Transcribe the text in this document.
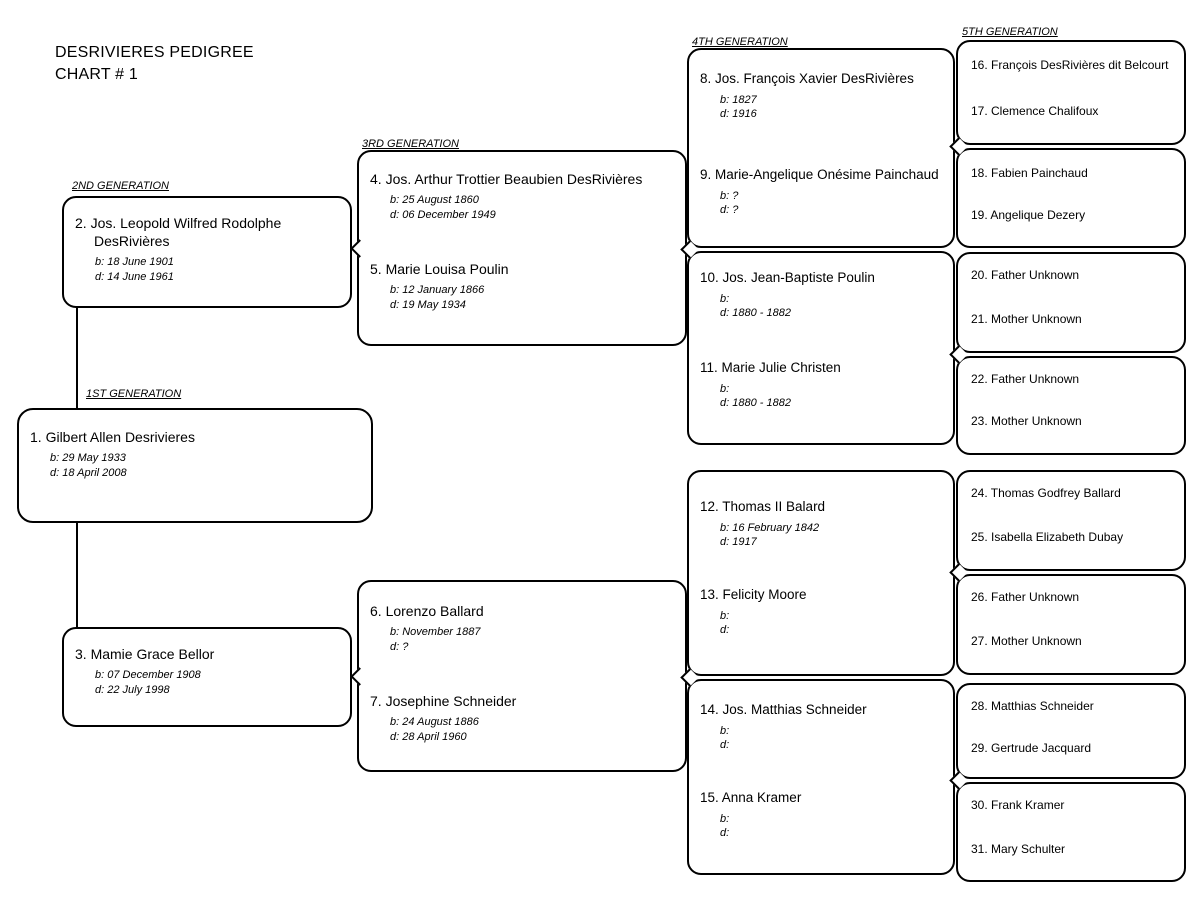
DESRIVIERES PEDIGREE
CHART # 1
1ST GENERATION
2ND GENERATION
3RD GENERATION
4TH GENERATION
5TH GENERATION
1. Gilbert Allen Desrivieres
b: 29 May 1933
d: 18 April 2008
2. Jos. Leopold Wilfred Rodolphe DesRivières
b: 18 June 1901
d: 14 June 1961
3. Mamie Grace Bellor
b: 07 December 1908
d: 22 July 1998
4. Jos. Arthur Trottier Beaubien DesRivières
b: 25 August 1860
d: 06 December 1949
5. Marie Louisa Poulin
b: 12 January 1866
d: 19 May 1934
6. Lorenzo Ballard
b: November 1887
d: ?
7. Josephine Schneider
b: 24 August 1886
d: 28 April 1960
8. Jos. François Xavier DesRivières
b: 1827
d: 1916
9. Marie-Angelique Onésime Painchaud
b: ?
d: ?
10. Jos. Jean-Baptiste Poulin
b:
d: 1880 - 1882
11. Marie Julie Christen
b:
d: 1880 - 1882
12. Thomas II Balard
b: 16 February 1842
d: 1917
13. Felicity Moore
b:
d:
14. Jos. Matthias Schneider
b:
d:
15. Anna Kramer
b:
d:
16. François DesRivières dit Belcourt
17. Clemence Chalifoux
18. Fabien Painchaud
19. Angelique Dezery
20. Father Unknown
21. Mother Unknown
22. Father Unknown
23. Mother Unknown
24. Thomas Godfrey Ballard
25. Isabella Elizabeth Dubay
26. Father Unknown
27. Mother Unknown
28. Matthias Schneider
29. Gertrude Jacquard
30. Frank Kramer
31. Mary Schulter
